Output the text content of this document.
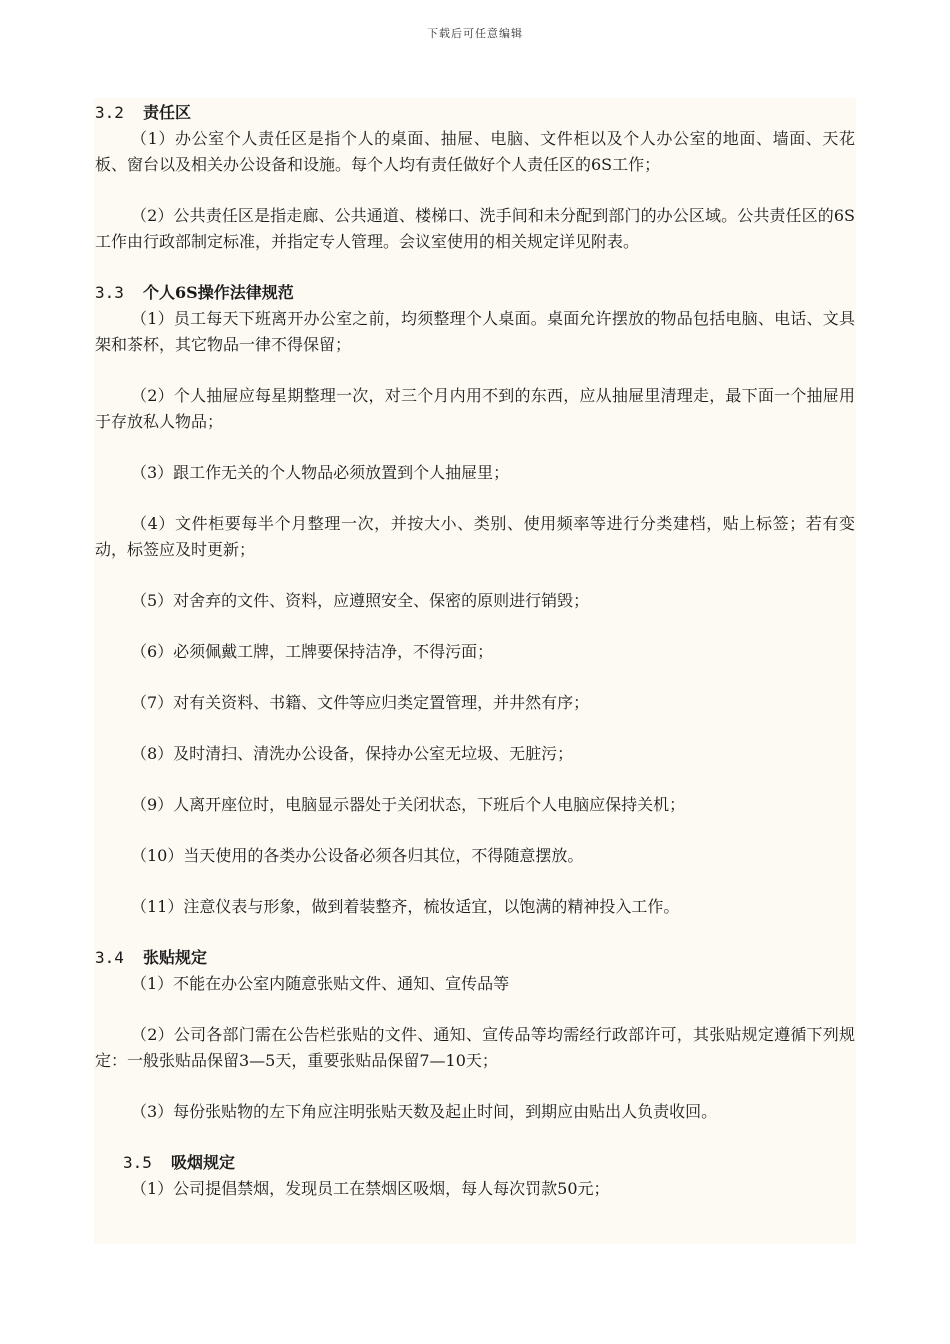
下载后可任意编辑
3.2 责任区

（1）办公室个人责任区是指个人的桌面、抽屉、电脑、文件柜以及个人办公室的地面、墙面、天花板、窗台以及相关办公设备和设施。每个人均有责任做好个人责任区的6S工作；

（2）公共责任区是指走廊、公共通道、楼梯口、洗手间和未分配到部门的办公区域。公共责任区的6S工作由行政部制定标准，并指定专人管理。会议室使用的相关规定详见附表。

3.3 个人6S操作法律规范

（1）员工每天下班离开办公室之前，均须整理个人桌面。桌面允许摆放的物品包括电脑、电话、文具架和茶杯，其它物品一律不得保留；

（2）个人抽屉应每星期整理一次，对三个月内用不到的东西，应从抽屉里清理走，最下面一个抽屉用于存放私人物品；

（3）跟工作无关的个人物品必须放置到个人抽屉里；

（4）文件柜要每半个月整理一次，并按大小、类别、使用频率等进行分类建档，贴上标签；若有变动，标签应及时更新；

（5）对舍弃的文件、资料，应遵照安全、保密的原则进行销毁；

（6）必须佩戴工牌，工牌要保持洁净，不得污面；

（7）对有关资料、书籍、文件等应归类定置管理，并井然有序；

（8）及时清扫、清洗办公设备，保持办公室无垃圾、无脏污；

（9）人离开座位时，电脑显示器处于关闭状态，下班后个人电脑应保持关机；

（10）当天使用的各类办公设备必须各归其位，不得随意摆放。

（11）注意仪表与形象，做到着装整齐，梳妆适宜，以饱满的精神投入工作。

3.4 张贴规定

（1）不能在办公室内随意张贴文件、通知、宣传品等

（2）公司各部门需在公告栏张贴的文件、通知、宣传品等均需经行政部许可，其张贴规定遵循下列规定：一般张贴品保留3—5天，重要张贴品保留7—10天；

（3）每份张贴物的左下角应注明张贴天数及起止时间，到期应由贴出人负责收回。

3.5 吸烟规定

（1）公司提倡禁烟，发现员工在禁烟区吸烟，每人每次罚款50元；
